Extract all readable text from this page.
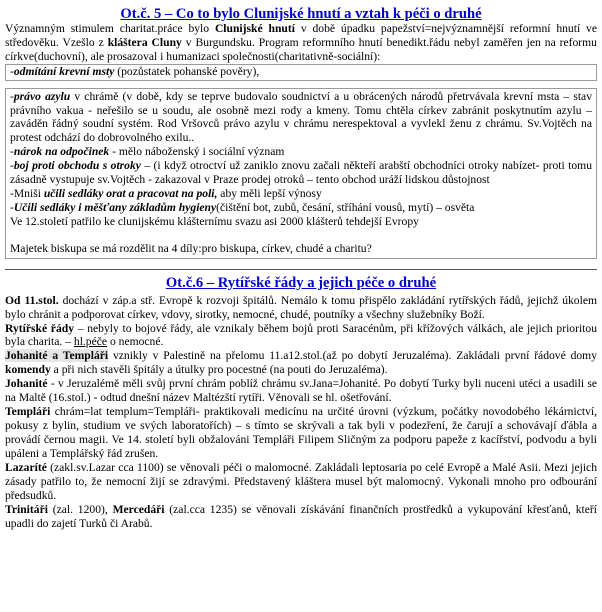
Ot.č. 5 – Co to bylo Clunijské hnutí a vztah k péči o druhé

Významným stimulem charitat.práce bylo Clunijské hnutí v době úpadku papežství=nejvýznamnější reformní hnutí ve středověku. Vzešlo z kláštera Cluny v Burgundsku. Program reformního hnutí benedikt.řádu nebyl zaměřen jen na reformu církve(duchovní), ale prosazoval i humanizaci společnosti(charitativně-sociální):

-odmítání krevní msty (pozůstatek pohanské pověry),

-právo azylu v chrámě (v době, kdy se teprve budovalo soudnictví a u obrácených národů přetrvávala krevní msta – stav právního vakua - neřešilo se u soudu, ale osobně mezi rody a kmeny. Tomu chtěla církev zabránit poskytnutím azylu – zaváděn řádný soudní systém. Rod Vršovců právo azylu v chrámu nerespektoval a vyvlekl ženu z chrámu. Sv.Vojtěch na protest odchází do dobrovolného exilu..

-nárok na odpočinek - mělo náboženský i sociální význam

-boj proti obchodu s otroky – (i když otroctví už zaniklo znovu začali někteří arabští obchodníci otroky nabízet- proti tomu zásadně vystupuje sv.Vojtěch - zakazoval v Praze prodej otroků – tento obchod uráží lidskou důstojnost

-Mniši učili sedláky orat a pracovat na poli, aby měli lepší výnosy

-Učili sedláky i měšťany základům hygieny(čištění bot, zubů, česání, stříhání vousů, mytí) – osvěta

Ve 12.století patřilo ke clunijskému klášternímu svazu asi 2000 klášterů tehdejší Evropy

Majetek biskupa se má rozdělit na 4 díly:pro biskupa, církev, chudé a charitu?

Ot.č.6 – Rytířské řády a jejich péče o druhé

Od 11.stol. dochází v záp.a stř. Evropě k rozvoji špitálů. Nemálo k tomu přispělo zakládání rytířských řádů, jejichž úkolem bylo chránit a podporovat církev, vdovy, sirotky, nemocné, chudé, poutníky a všechny služebníky Boží.

Rytířské řády – nebyly to bojové řády, ale vznikaly během bojů proti Saracénům, při křížových válkách, ale jejich prioritou byla charita. – hl.péče o nemocné.

Johanité a Templáři vznikly v Palestině na přelomu 11.a12.stol.(až po dobytí Jeruzaléma). Zakládali první řádové domy komendy a při nich stavěli špitály a útulky pro pocestné (na pouti do Jeruzaléma).

Johanité - v Jeruzalémě měli svůj první chrám poblíž chrámu sv.Jana=Johanité. Po dobytí Turky byli nuceni utéci a usadili se na Maltě (16.stol.) - odtud dnešní název Maltézští rytíři. Věnovali se hl. ošetřování.

Templáři chrám=lat templum=Templáři- praktikovali medicínu na určité úrovni (výzkum, počátky novodobého lékárnictví, pokusy z bylin, studium ve svých laboratořích) – s tímto se skrývali a tak byli v podezření, že čarují a schovávají ďábla a provádí černou magii. Ve 14. století byli obžalováni Templáři Filipem Sličným za podporu papeže z kacířství, podvodu a byli upáleni a Templářský řád zrušen.

Lazaríté (zakl.sv.Lazar cca 1100) se věnovali péči o malomocné. Zakládali leptosaria po celé Evropě a Malé Asii. Mezi jejich zásady patřilo to, že nemocní žijí se zdravými. Představený kláštera musel být malomocný. Vykonali mnoho pro odbourání předsudků.

Trinitáři (zal. 1200), Mercedáři (zal.cca 1235) se věnovali získávání finančních prostředků a vykupování křesťanů, kteří upadli do zajetí Turků či Arabů.
